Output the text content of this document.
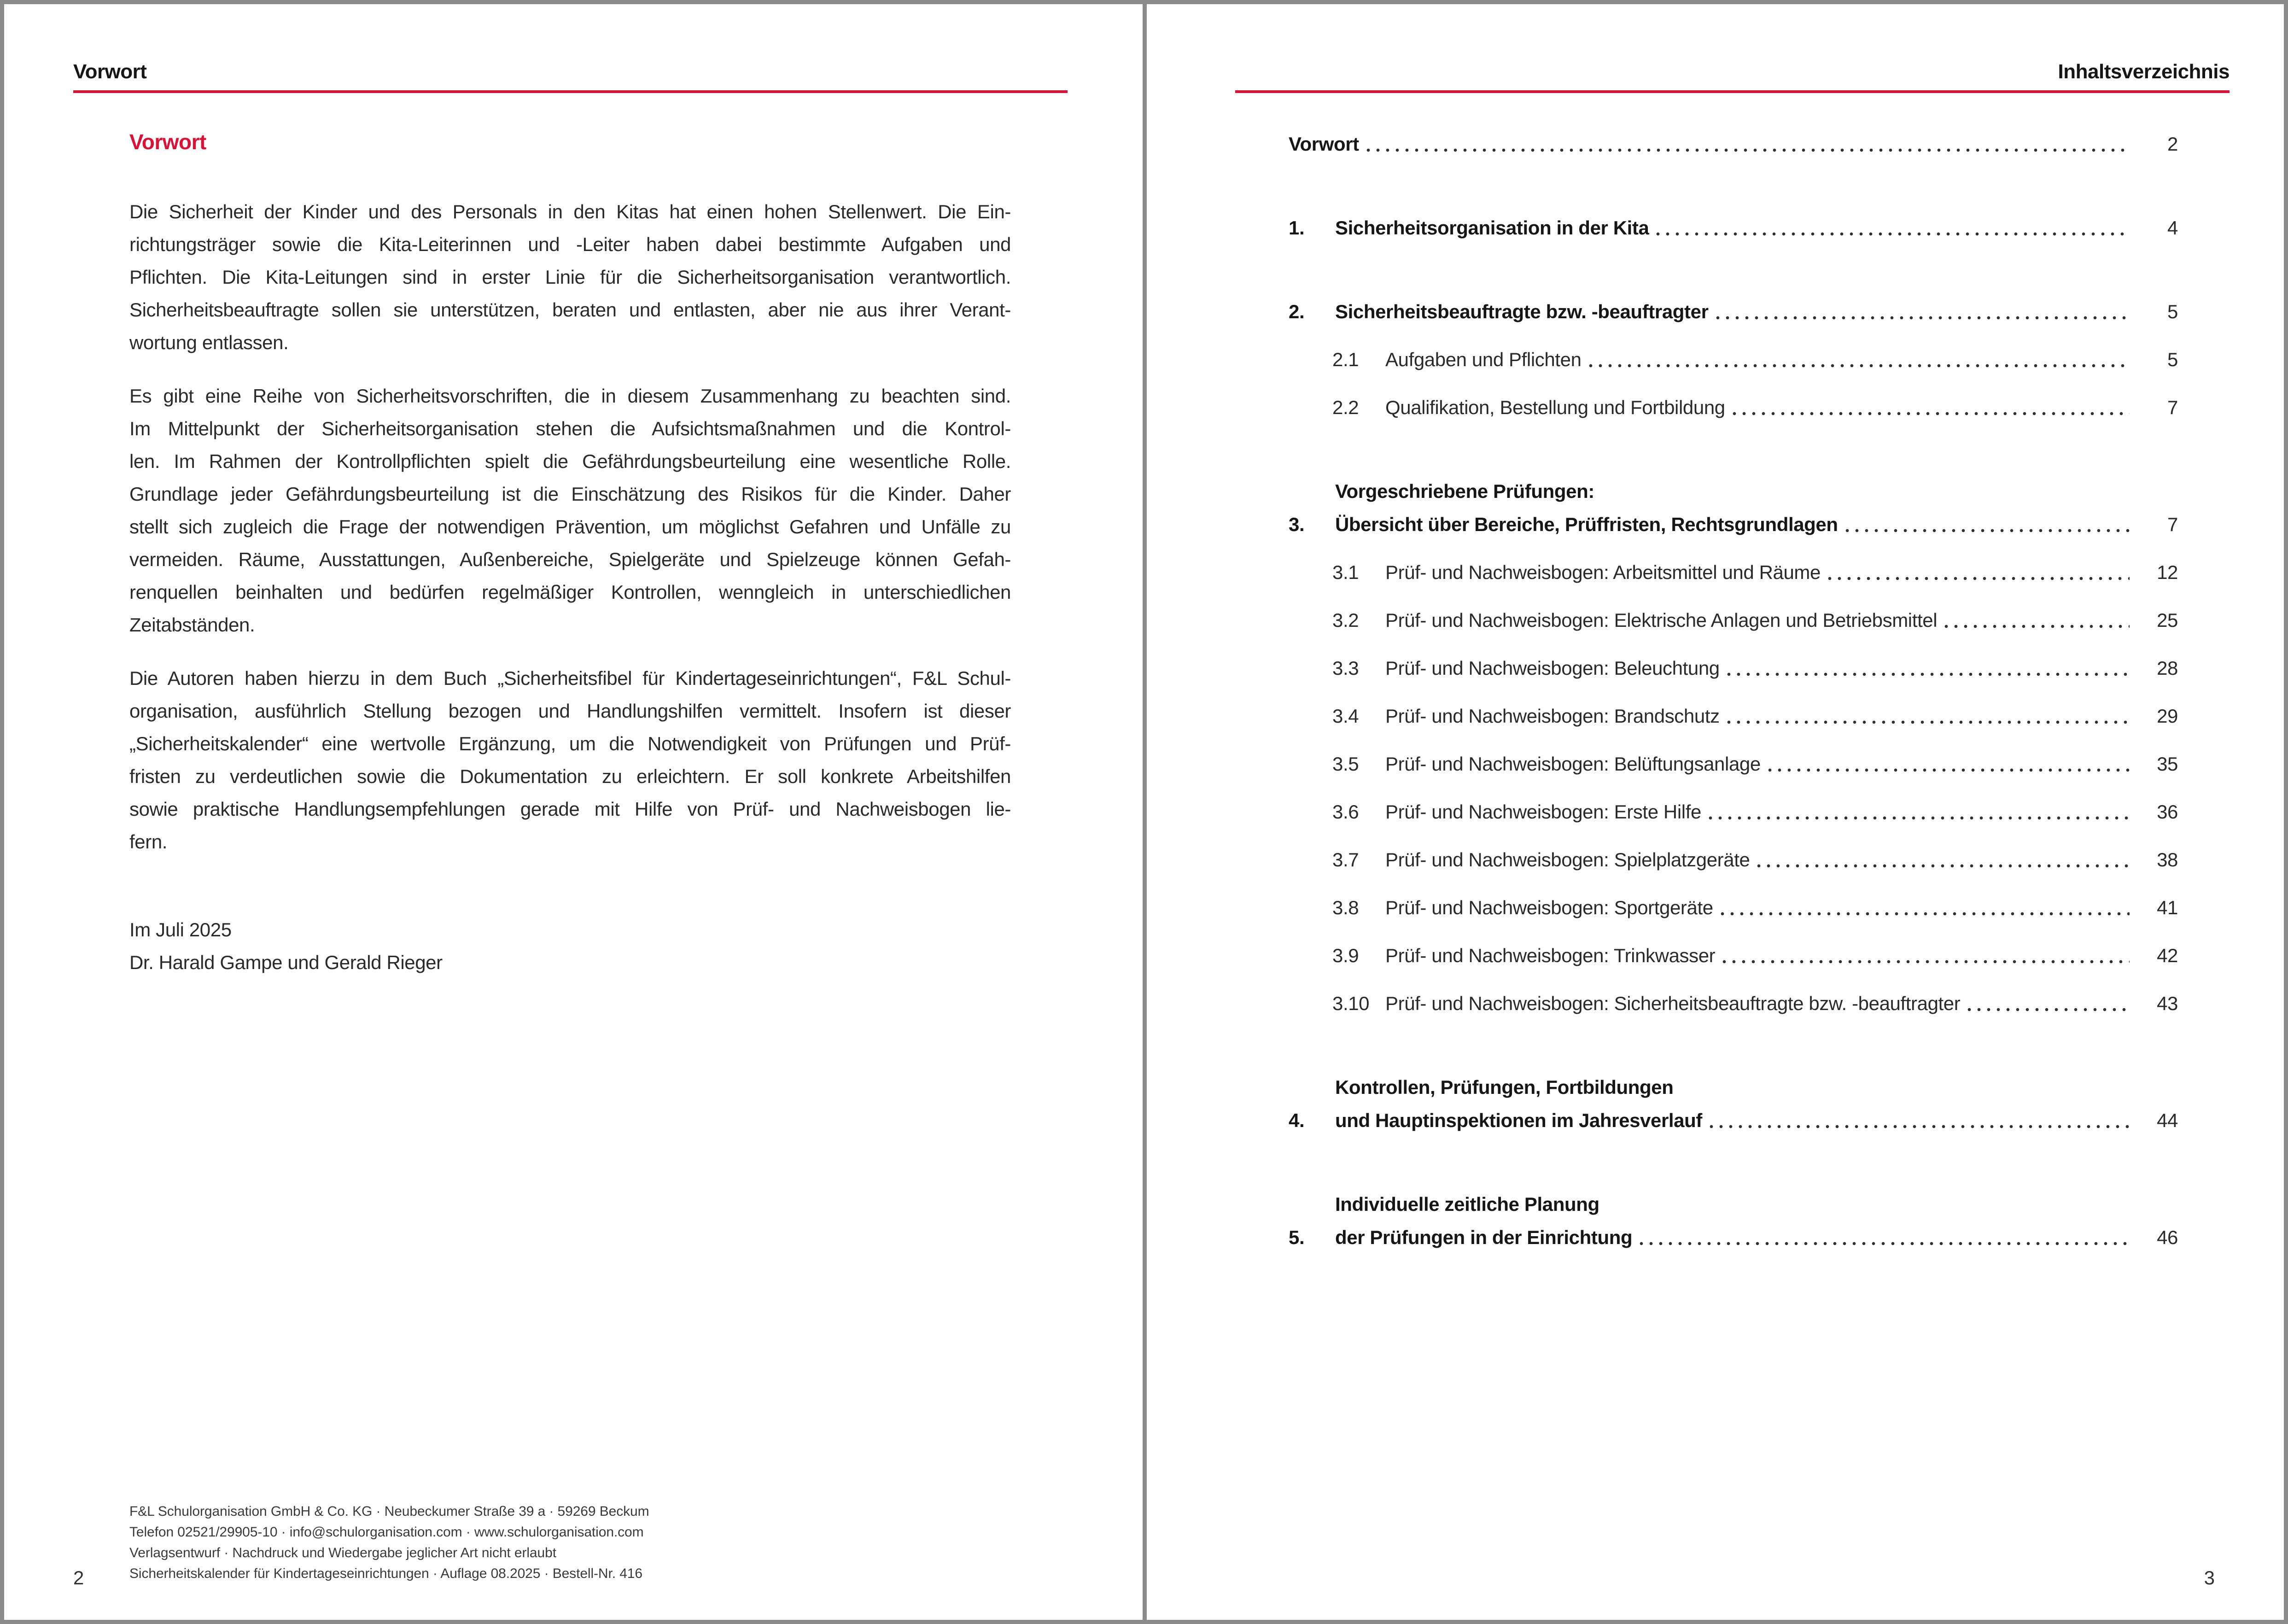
Vorwort
Vorwort
Die Sicherheit der Kinder und des Personals in den Kitas hat einen hohen Stellenwert. Die Ein-
richtungsträger sowie die Kita-Leiterinnen und -Leiter haben dabei bestimmte Aufgaben und
Pflichten. Die Kita-Leitungen sind in erster Linie für die Sicherheitsorganisation verantwortlich.
Sicherheitsbeauftragte sollen sie unterstützen, beraten und entlasten, aber nie aus ihrer Verant-
wortung entlassen.
Es gibt eine Reihe von Sicherheitsvorschriften, die in diesem Zusammenhang zu beachten sind.
Im Mittelpunkt der Sicherheitsorganisation stehen die Aufsichtsmaßnahmen und die Kontrol-
len. Im Rahmen der Kontrollpflichten spielt die Gefährdungsbeurteilung eine wesentliche Rolle.
Grundlage jeder Gefährdungsbeurteilung ist die Einschätzung des Risikos für die Kinder. Daher
stellt sich zugleich die Frage der notwendigen Prävention, um möglichst Gefahren und Unfälle zu
vermeiden. Räume, Ausstattungen, Außenbereiche, Spielgeräte und Spielzeuge können Gefah-
renquellen beinhalten und bedürfen regelmäßiger Kontrollen, wenngleich in unterschiedlichen
Zeitabständen.
Die Autoren haben hierzu in dem Buch „Sicherheitsfibel für Kindertageseinrichtungen“, F&L Schul-
organisation, ausführlich Stellung bezogen und Handlungshilfen vermittelt. Insofern ist dieser
„Sicherheitskalender“ eine wertvolle Ergänzung, um die Notwendigkeit von Prüfungen und Prüf-
fristen zu verdeutlichen sowie die Dokumentation zu erleichtern. Er soll konkrete Arbeitshilfen
sowie praktische Handlungsempfehlungen gerade mit Hilfe von Prüf- und Nachweisbogen lie-
fern.
Im Juli 2025
Dr. Harald Gampe und Gerald Rieger
F&L Schulorganisation GmbH & Co. KG · Neubeckumer Straße 39 a · 59269 Beckum
Telefon 02521/29905-10 · info@schulorganisation.com · www.schulorganisation.com
Verlagsentwurf · Nachdruck und Wiedergabe jeglicher Art nicht erlaubt
Sicherheitskalender für Kindertageseinrichtungen · Auflage 08.2025 · Bestell-Nr. 416
2
Inhaltsverzeichnis
Vorwort	2
1.	Sicherheitsorganisation in der Kita	4
2.	Sicherheitsbeauftragte bzw. -beauftragter	5
2.1	Aufgaben und Pflichten	5
2.2	Qualifikation, Bestellung und Fortbildung	7
3.
Vorgeschriebene Prüfungen:
Übersicht über Bereiche, Prüffristen, Rechtsgrundlagen	7
3.1	Prüf- und Nachweisbogen: Arbeitsmittel und Räume	12
3.2	Prüf- und Nachweisbogen: Elektrische Anlagen und Betriebsmittel	25
3.3	Prüf- und Nachweisbogen: Beleuchtung	28
3.4	Prüf- und Nachweisbogen: Brandschutz	29
3.5	Prüf- und Nachweisbogen: Belüftungsanlage	35
3.6	Prüf- und Nachweisbogen: Erste Hilfe	36
3.7	Prüf- und Nachweisbogen: Spielplatzgeräte	38
3.8	Prüf- und Nachweisbogen: Sportgeräte	41
3.9	Prüf- und Nachweisbogen: Trinkwasser	42
3.10 Prüf- und Nachweisbogen: Sicherheitsbeauftragte bzw. -beauftragter	43
4.
Kontrollen, Prüfungen, Fortbildungen
und Hauptinspektionen im Jahresverlauf	44
5.
Individuelle zeitliche Planung
der Prüfungen in der Einrichtung	46
3
